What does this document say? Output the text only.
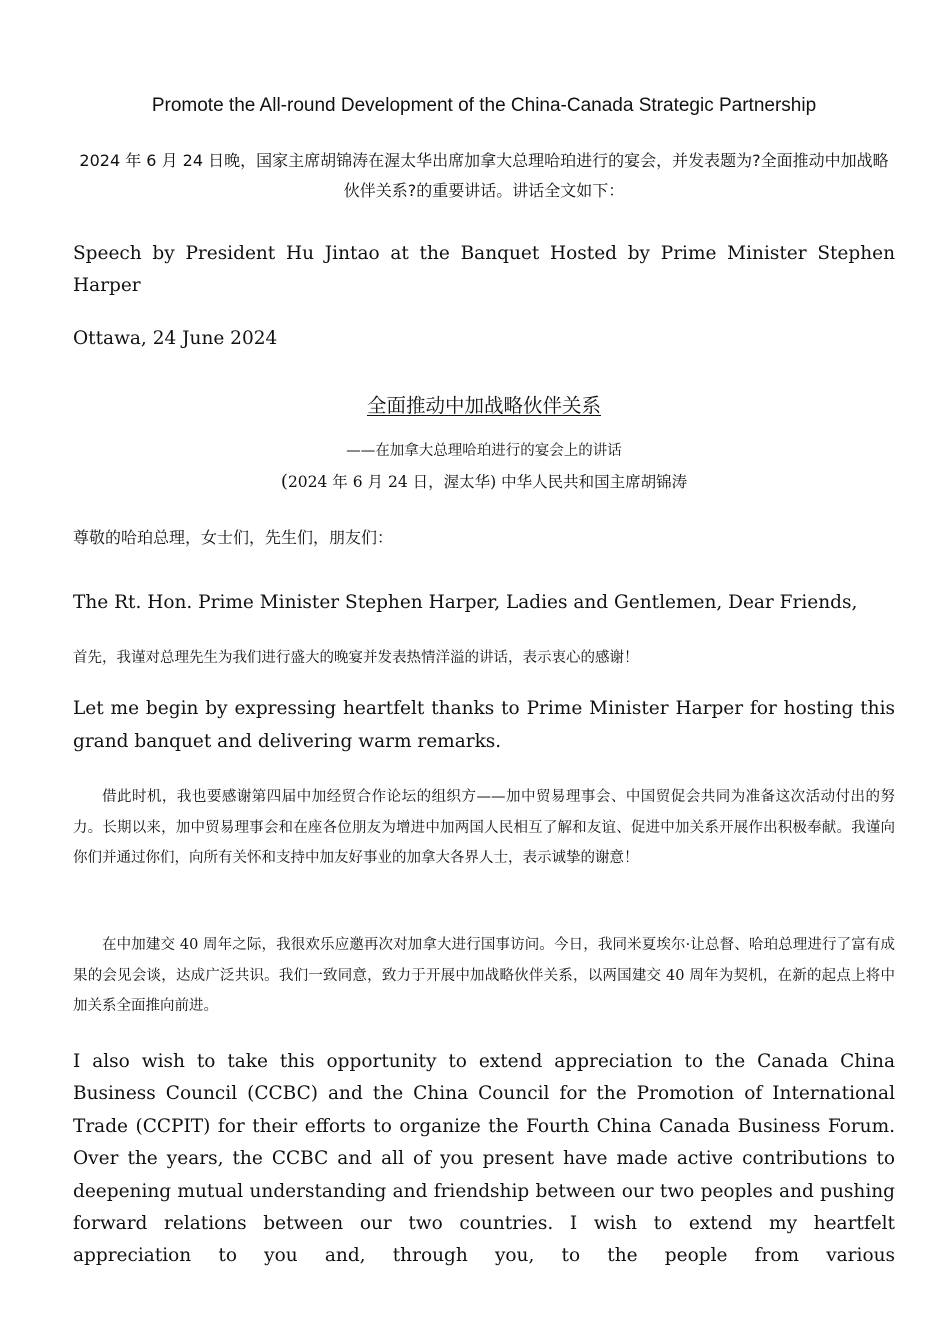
Promote the All-round Development of the China-Canada Strategic Partnership

2024 年 6 月 24 日晚，国家主席胡锦涛在渥太华出席加拿大总理哈珀进行的宴会，并发表题为?全面推动中加战略伙伴关系?的重要讲话。讲话全文如下：

Speech by President Hu Jintao at the Banquet Hosted by Prime Minister Stephen Harper

Ottawa, 24 June 2024

全面推动中加战略伙伴关系

——在加拿大总理哈珀进行的宴会上的讲话

(2024 年 6 月 24 日，渥太华) 中华人民共和国主席胡锦涛

尊敬的哈珀总理，女士们，先生们，朋友们：

The Rt. Hon. Prime Minister Stephen Harper, Ladies and Gentlemen, Dear Friends,

首先，我谨对总理先生为我们进行盛大的晚宴并发表热情洋溢的讲话，表示衷心的感谢！

Let me begin by expressing heartfelt thanks to Prime Minister Harper for hosting this grand banquet and delivering warm remarks.

借此时机，我也要感谢第四届中加经贸合作论坛的组织方——加中贸易理事会、中国贸促会共同为准备这次活动付出的努力。长期以来，加中贸易理事会和在座各位朋友为增进中加两国人民相互了解和友谊、促进中加关系开展作出积极奉献。我谨向你们并通过你们，向所有关怀和支持中加友好事业的加拿大各界人士，表示诚挚的谢意！

在中加建交 40 周年之际，我很欢乐应邀再次对加拿大进行国事访问。今日，我同米夏埃尔·让总督、哈珀总理进行了富有成果的会见会谈，达成广泛共识。我们一致同意，致力于开展中加战略伙伴关系，以两国建交 40 周年为契机，在新的起点上将中加关系全面推向前进。

I also wish to take this opportunity to extend appreciation to the Canada China Business Council (CCBC) and the China Council for the Promotion of International Trade (CCPIT) for their efforts to organize the Fourth China Canada Business Forum. Over the years, the CCBC and all of you present have made active contributions to deepening mutual understanding and friendship between our two peoples and pushing forward relations between our two countries. I wish to extend my heartfelt appreciation to you and, through you, to the people from various
